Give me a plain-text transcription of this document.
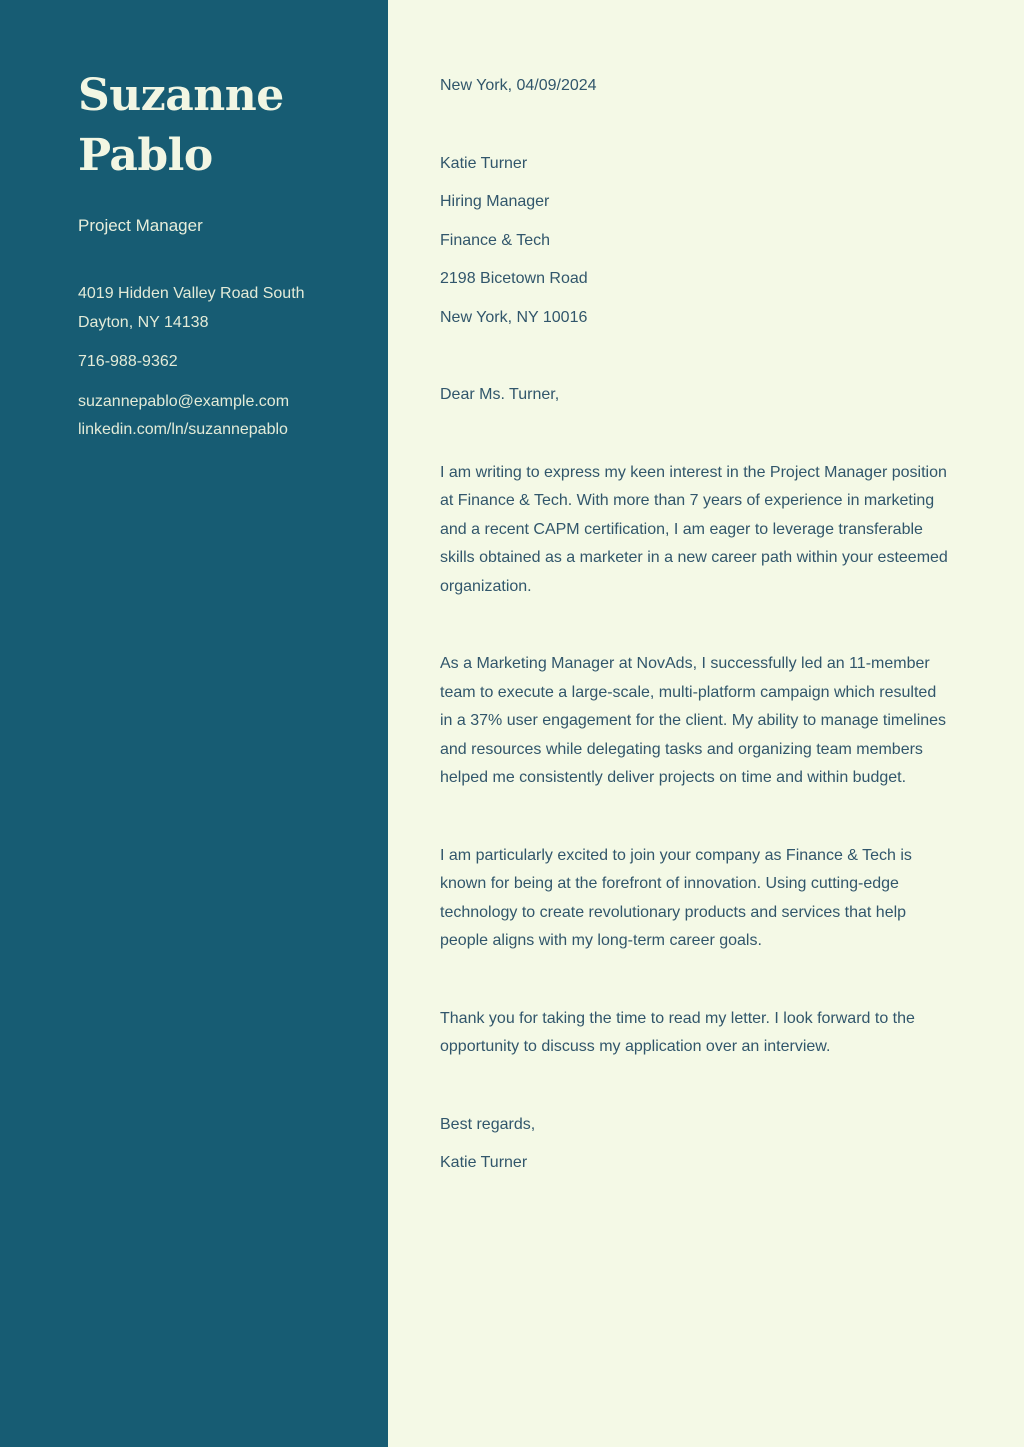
Suzanne
Pablo
Project Manager
4019 Hidden Valley Road South
Dayton, NY 14138
716-988-9362
suzannepablo@example.com
linkedin.com/ln/suzannepablo

New York, 04/09/2024

Katie Turner

Hiring Manager

Finance & Tech

2198 Bicetown Road

New York, NY 10016

Dear Ms. Turner,

I am writing to express my keen interest in the Project Manager position at Finance & Tech. With more than 7 years of experience in marketing and a recent CAPM certification, I am eager to leverage transferable skills obtained as a marketer in a new career path within your esteemed organization.

As a Marketing Manager at NovAds, I successfully led an 11-member team to execute a large-scale, multi-platform campaign which resulted in a 37% user engagement for the client. My ability to manage timelines and resources while delegating tasks and organizing team members helped me consistently deliver projects on time and within budget.

I am particularly excited to join your company as Finance & Tech is known for being at the forefront of innovation. Using cutting-edge technology to create revolutionary products and services that help people aligns with my long-term career goals.

Thank you for taking the time to read my letter. I look forward to the opportunity to discuss my application over an interview.

Best regards,

Katie Turner
